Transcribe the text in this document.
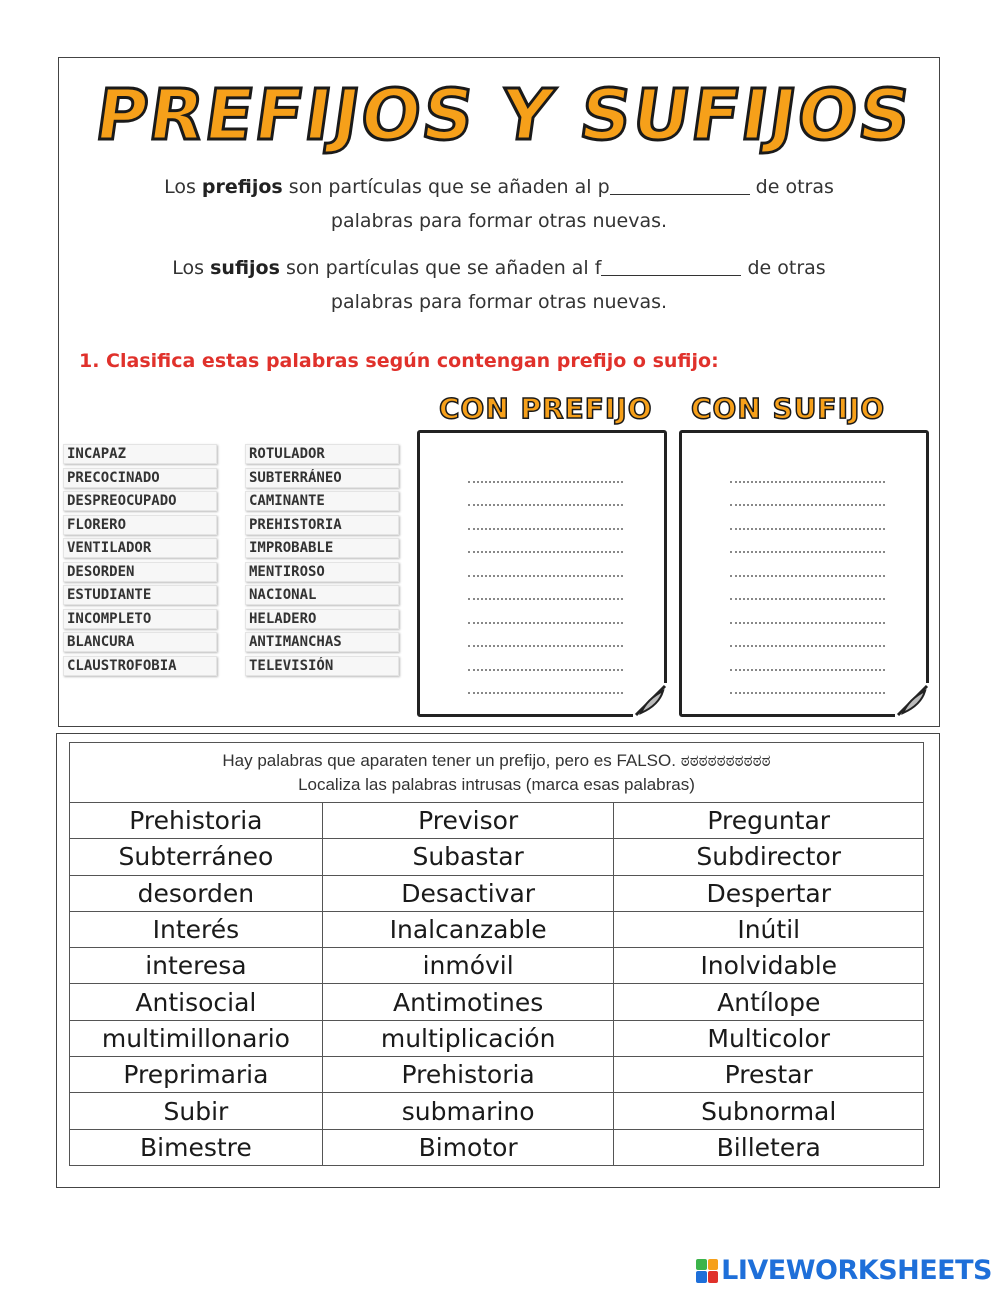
PREFIJOS Y SUFIJOS
Los prefijos son partículas que se añaden al p	de otras
palabras para formar otras nuevas.
Los sufijos son partículas que se añaden al f	de otras
palabras para formar otras nuevas.
1. Clasifica estas palabras según contengan prefijo o sufijo:
CON PREFIJO CON SUFIJO
INCAPAZ
PRECOCINADO
DESPREOCUPADO
FLORERO
VENTILADOR
DESORDEN
ESTUDIANTE
INCOMPLETO
BLANCURA
CLAUSTROFOBIA
ROTULADOR
SUBTERRÁNEO
CAMINANTE
PREHISTORIA
IMPROBABLE
MENTIROSO
NACIONAL
HELADERO
ANTIMANCHAS
TELEVISIÓN
Hay palabras que aparaten tener un prefijo, pero es FALSO. ಠಠಠಠಠಠಠಠಠಠ
Localiza las palabras intrusas (marca esas palabras)		
Prehistoria	Previsor	Preguntar
Subterráneo	Subastar	Subdirector
desorden	Desactivar	Despertar
Interés	Inalcanzable	Inútil
interesa	inmóvil	Inolvidable
Antisocial	Antimotines	Antílope
multimillonario	multiplicación	Multicolor
Preprimaria	Prehistoria	Prestar
Subir	submarino	Subnormal
Bimestre	Bimotor	Billetera
LIVEWORKSHEETS
